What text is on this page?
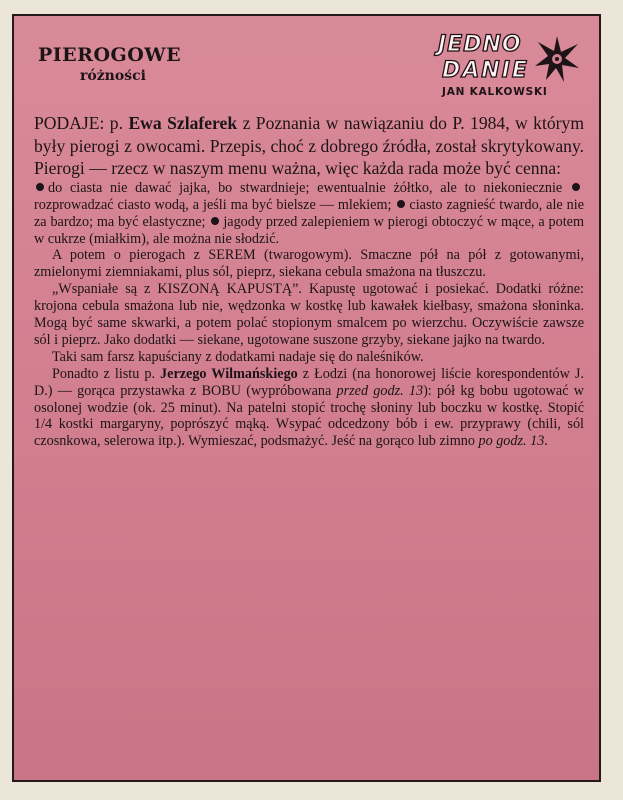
PIEROGOWE

różności

JEDNO
DANIE
JAN KALKOWSKI

PODAJE: p. Ewa Szlaferek z Poznania w nawiązaniu do P. 1984, w którym były pierogi z owocami. Przepis, choć z dobrego źródła, został skrytykowany. Pierogi — rzecz w naszym menu ważna, więc każda rada może być cenna:

do ciasta nie dawać jajka, bo stwardnieje; ewentualnie żółtko, ale to niekoniecznie rozprowadzać ciasto wodą, a jeśli ma być bielsze — mlekiem; ciasto zagnieść twardo, ale nie za bardzo; ma być elastyczne; jagody przed zalepieniem w pierogi obtoczyć w mące, a potem w cukrze (miałkim), ale można nie słodzić.

A potem o pierogach z SEREM (twarogowym). Smaczne pół na pół z gotowanymi, zmielonymi ziemniakami, plus sól, pieprz, siekana cebula smażona na tłuszczu.

„Wspaniałe są z KISZONĄ KAPUSTĄ”. Kapustę ugotować i posiekać. Dodatki różne: krojona cebula smażona lub nie, wędzonka w kostkę lub kawałek kiełbasy, smażona słoninka. Mogą być same skwarki, a potem polać stopionym smalcem po wierzchu. Oczywiście zawsze sól i pieprz. Jako dodatki — siekane, ugotowane suszone grzyby, siekane jajko na twardo.

Taki sam farsz kapuściany z dodatkami nadaje się do naleśników.

Ponadto z listu p. Jerzego Wilmańskiego z Łodzi (na honorowej liście korespondentów J. D.) — gorąca przystawka z BOBU (wypróbowana przed godz. 13): pół kg bobu ugotować w osolonej wodzie (ok. 25 minut). Na patelni stopić trochę słoniny lub boczku w kostkę. Stopić 1/4 kostki margaryny, poprószyć mąką. Wsypać odcedzony bób i ew. przyprawy (chili, sól czosnkowa, selerowa itp.). Wymieszać, podsmażyć. Jeść na gorąco lub zimno po godz. 13.
